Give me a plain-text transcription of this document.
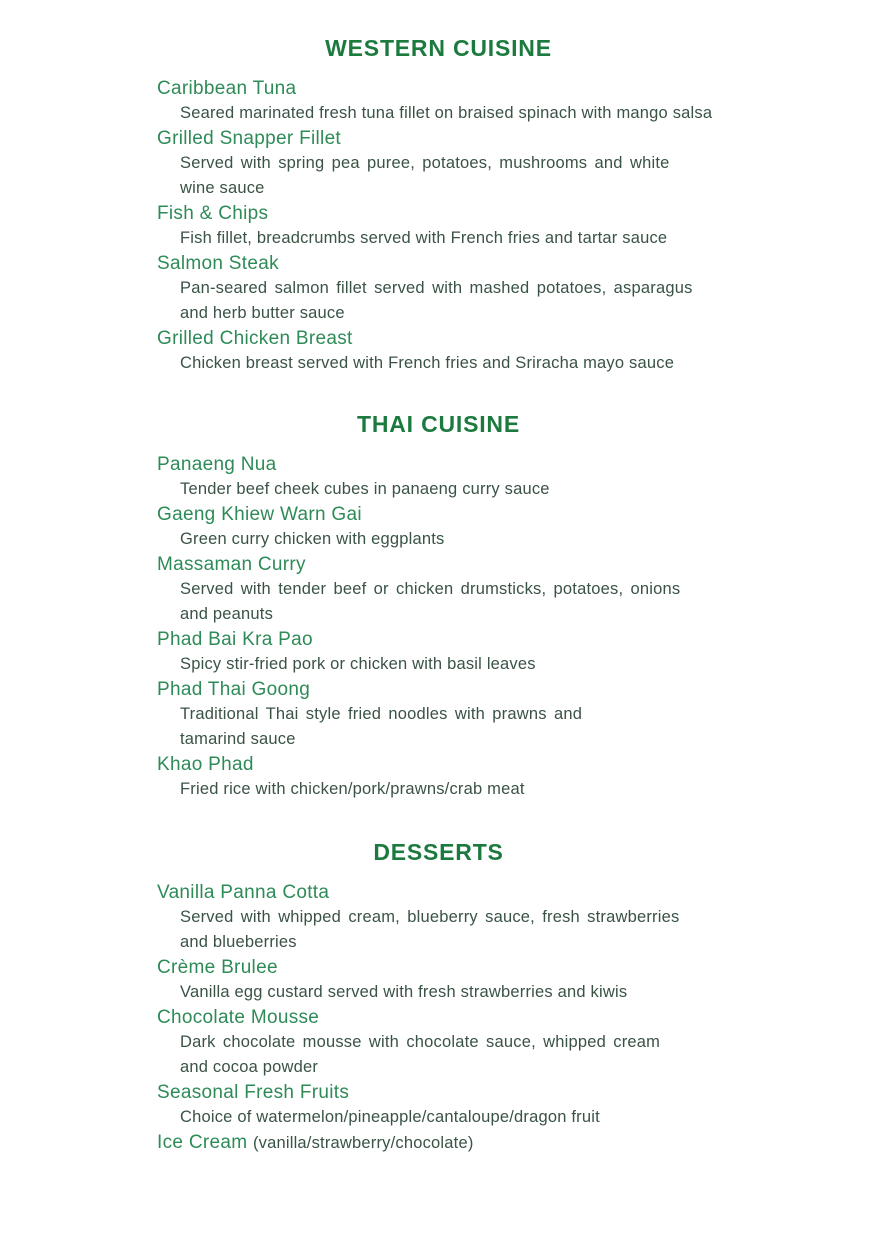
WESTERN CUISINE
Caribbean Tuna
Seared marinated fresh tuna fillet on braised spinach with mango salsa
Grilled Snapper Fillet
Served with spring pea puree, potatoes, mushrooms and white
wine sauce
Fish & Chips
Fish fillet, breadcrumbs served with French fries and tartar sauce
Salmon Steak
Pan-seared salmon fillet served with mashed potatoes, asparagus
and herb butter sauce
Grilled Chicken Breast
Chicken breast served with French fries and Sriracha mayo sauce
THAI CUISINE
Panaeng Nua
Tender beef cheek cubes in panaeng curry sauce
Gaeng Khiew Warn Gai
Green curry chicken with eggplants
Massaman Curry
Served with tender beef or chicken drumsticks, potatoes, onions
and peanuts
Phad Bai Kra Pao
Spicy stir-fried pork or chicken with basil leaves
Phad Thai Goong
Traditional Thai style fried noodles with prawns and
tamarind sauce
Khao Phad
Fried rice with chicken/pork/prawns/crab meat
DESSERTS
Vanilla Panna Cotta
Served with whipped cream, blueberry sauce, fresh strawberries
and blueberries
Crème Brulee
Vanilla egg custard served with fresh strawberries and kiwis
Chocolate Mousse
Dark chocolate mousse with chocolate sauce, whipped cream
and cocoa powder
Seasonal Fresh Fruits
Choice of watermelon/pineapple/cantaloupe/dragon fruit
Ice Cream (vanilla/strawberry/chocolate)
